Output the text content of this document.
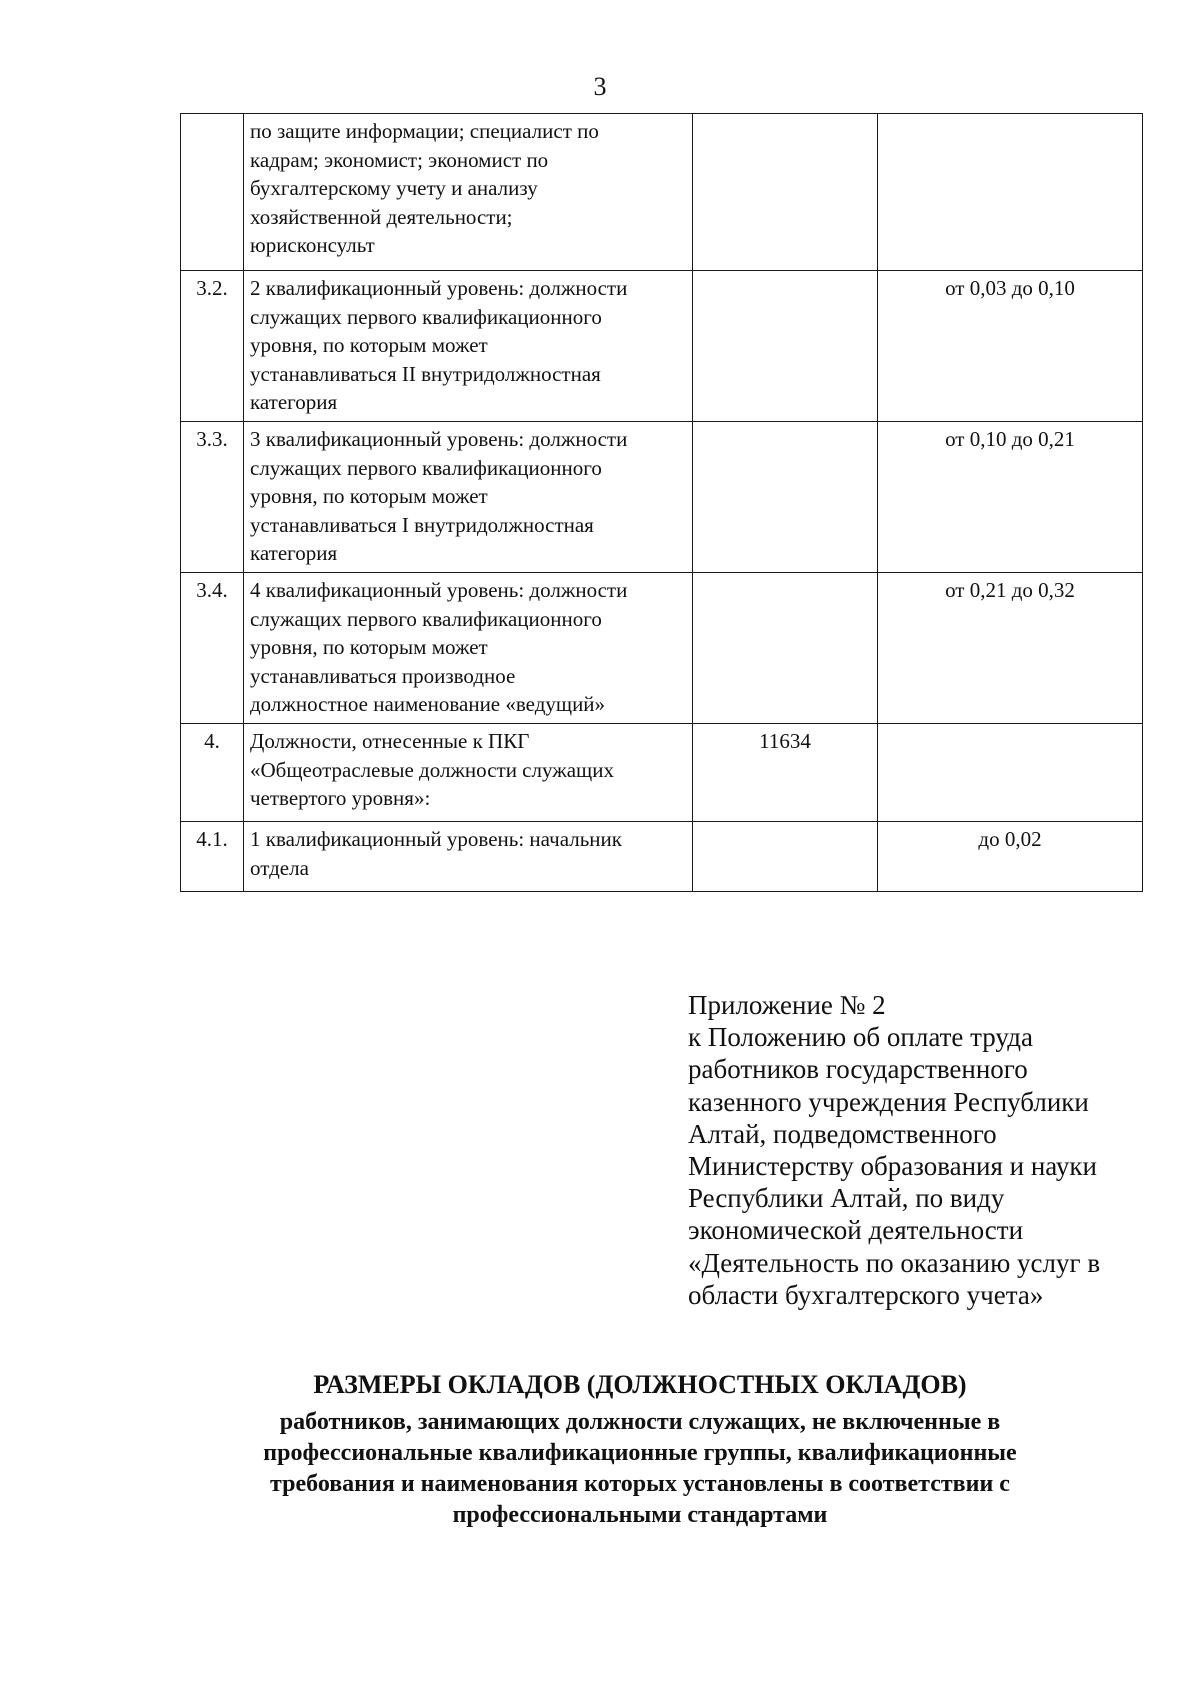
3

	по защите информации; специалист по
кадрам; экономист; экономист по
бухгалтерскому учету и анализу
хозяйственной деятельности;
юрисконсульт		

3.2.	2 квалификационный уровень: должности
служащих первого квалификационного
уровня, по которым может
устанавливаться II внутридолжностная
категория		от 0,03 до 0,10
3.3.	3 квалификационный уровень: должности
служащих первого квалификационного
уровня, по которым может
устанавливаться I внутридолжностная
категория		от 0,10 до 0,21
3.4.	4 квалификационный уровень: должности
служащих первого квалификационного
уровня, по которым может
устанавливаться производное
должностное наименование «ведущий»		от 0,21 до 0,32
4.	Должности, отнесенные к ПКГ
«Общеотраслевые должности служащих
четвертого уровня»:	11634	
4.1.	1 квалификационный уровень: начальник
отдела		до 0,02
Приложение № 2
к Положению об оплате труда
работников государственного
казенного учреждения Республики
Алтай, подведомственного
Министерству образования и науки
Республики Алтай, по виду
экономической деятельности
«Деятельность по оказанию услуг в
области бухгалтерского учета»
РАЗМЕРЫ ОКЛАДОВ (ДОЛЖНОСТНЫХ ОКЛАДОВ)
работников, занимающих должности служащих, не включенные в
профессиональные квалификационные группы, квалификационные
требования и наименования которых установлены в соответствии с
профессиональными стандартами
